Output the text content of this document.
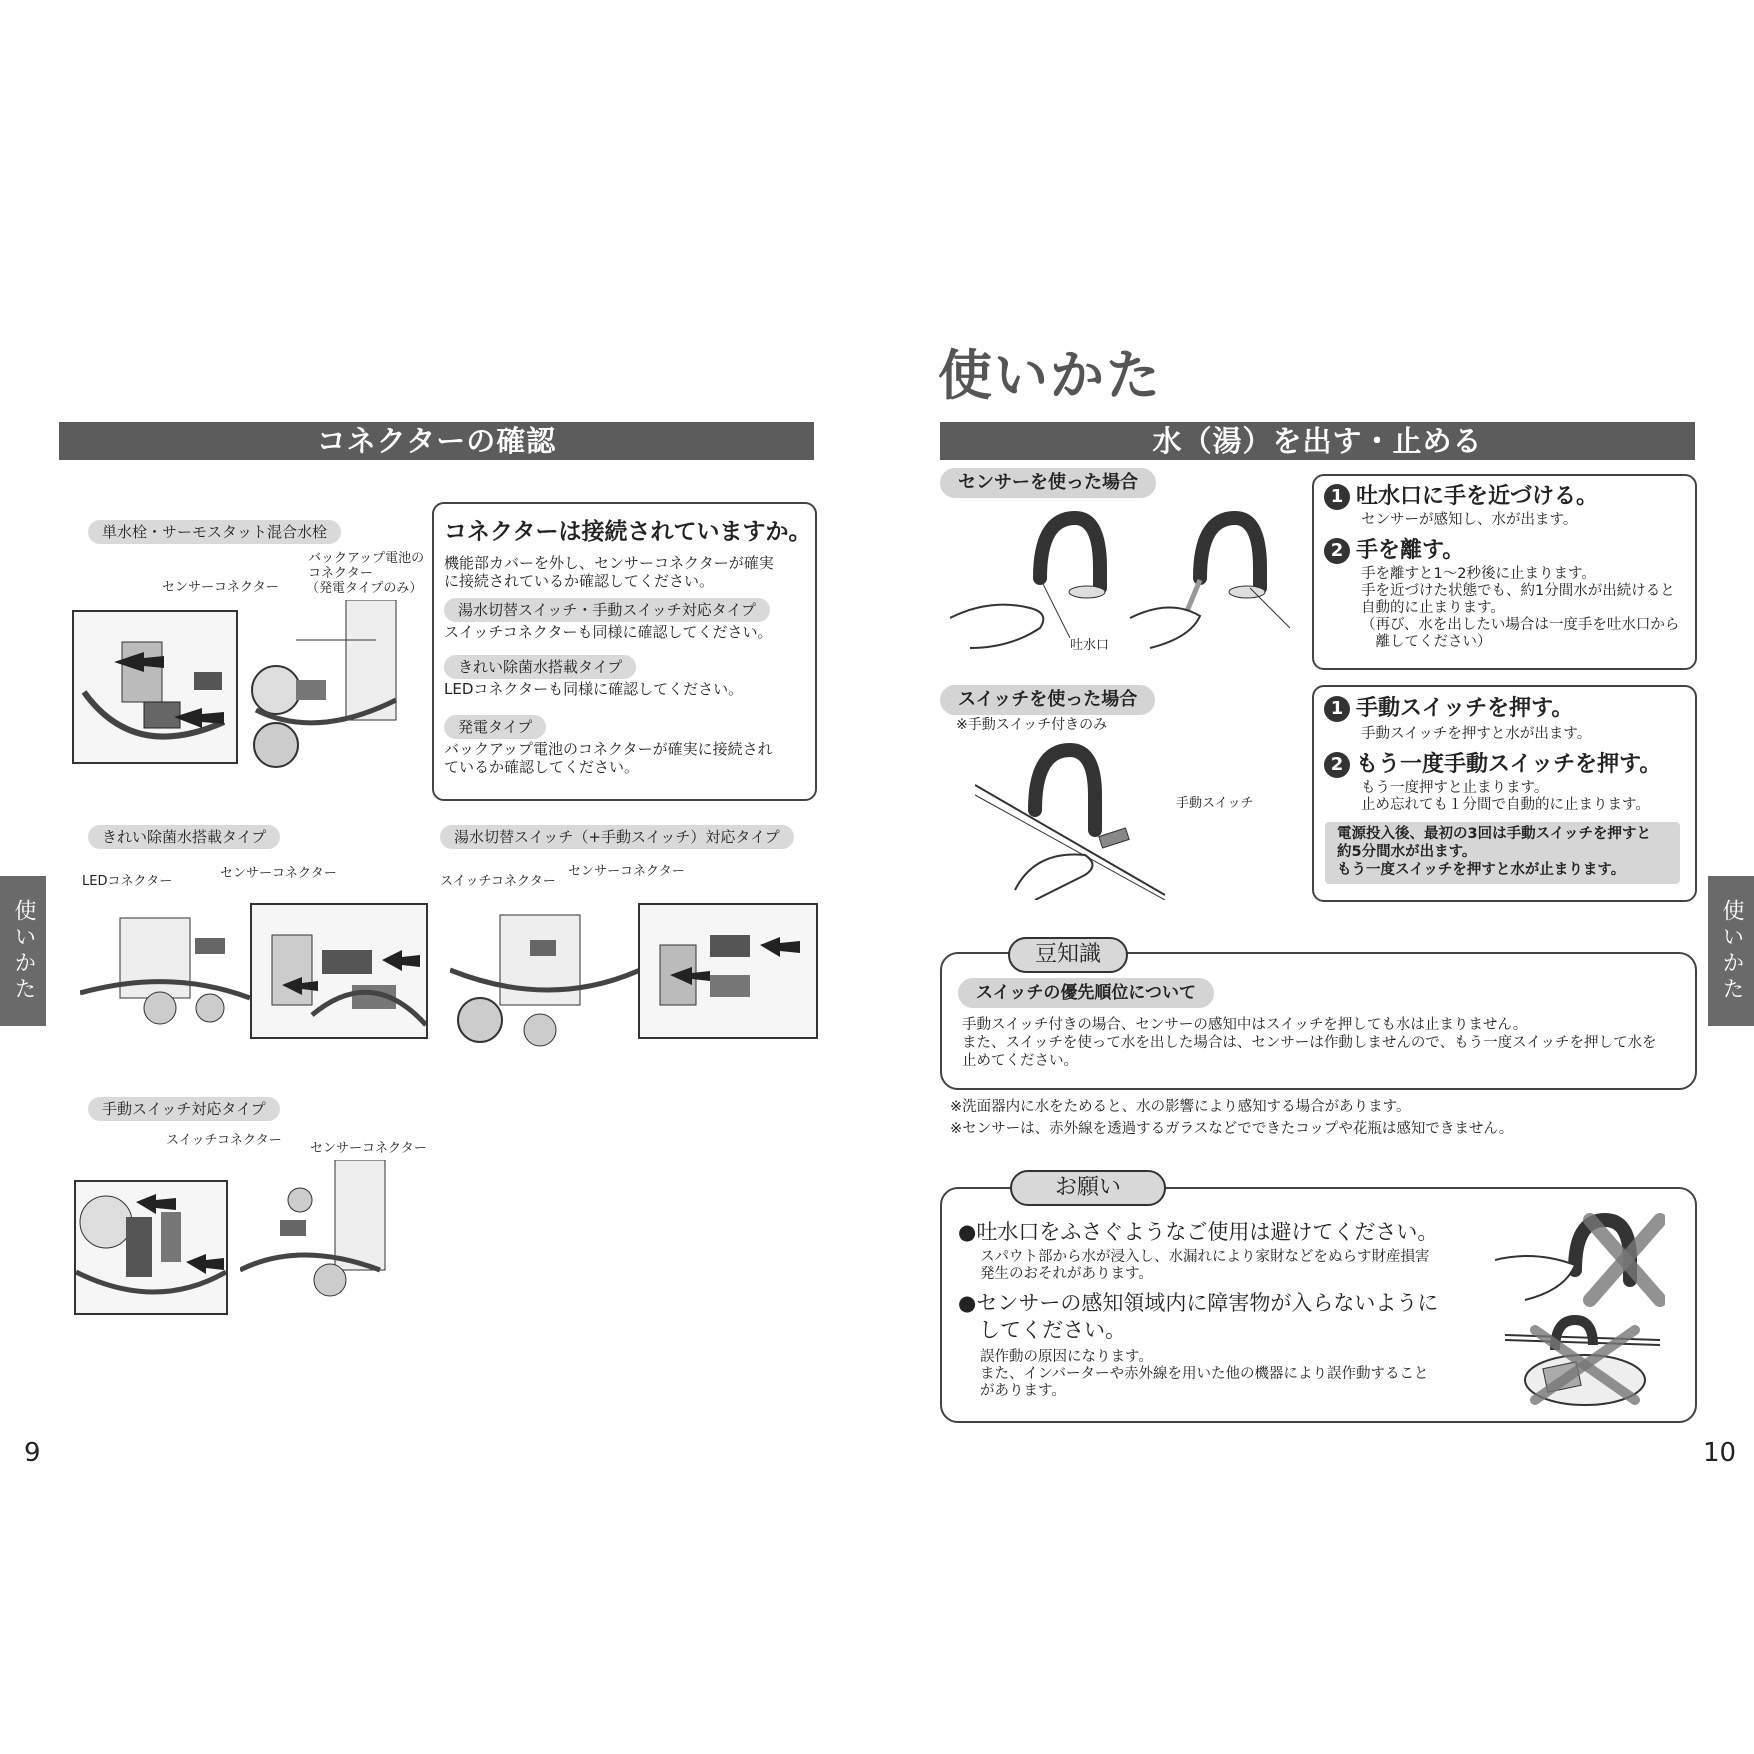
コネクターの確認
単水栓・サーモスタット混合水栓
バックアップ電池の
コネクター
（発電タイプのみ）
センサーコネクター
コネクターは接続されていますか。
機能部カバーを外し、センサーコネクターが確実
に接続されているか確認してください。
湯水切替スイッチ・手動スイッチ対応タイプ
スイッチコネクターも同様に確認してください。
きれい除菌水搭載タイプ
LEDコネクターも同様に確認してください。
発電タイプ
バックアップ電池のコネクターが確実に接続され
ているか確認してください。
きれい除菌水搭載タイプ
LEDコネクター
センサーコネクター
湯水切替スイッチ（+手動スイッチ）対応タイプ
スイッチコネクター
センサーコネクター
手動スイッチ対応タイプ
スイッチコネクター
センサーコネクター
9
使いかた
使いかた
水（湯）を出す・止める
センサーを使った場合
吐水口
1 吐水口に手を近づける。
センサーが感知し、水が出ます。
2 手を離す。
手を離すと1～2秒後に止まります。
手を近づけた状態でも、約1分間水が出続けると
自動的に止まります。
（再び、水を出したい場合は一度手を吐水口から
　離してください）
スイッチを使った場合
※手動スイッチ付きのみ
手動スイッチ
1 手動スイッチを押す。
手動スイッチを押すと水が出ます。
2 もう一度手動スイッチを押す。
もう一度押すと止まります。
止め忘れても１分間で自動的に止まります。
電源投入後、最初の3回は手動スイッチを押すと
約5分間水が出ます。
もう一度スイッチを押すと水が止まります。
豆知識
スイッチの優先順位について
手動スイッチ付きの場合、センサーの感知中はスイッチを押しても水は止まりません。
また、スイッチを使って水を出した場合は、センサーは作動しませんので、もう一度スイッチを押して水を
止めてください。
※洗面器内に水をためると、水の影響により感知する場合があります。
※センサーは、赤外線を透過するガラスなどでできたコップや花瓶は感知できません。
お願い
●吐水口をふさぐようなご使用は避けてください。
スパウト部から水が浸入し、水漏れにより家財などをぬらす財産損害
発生のおそれがあります。
●センサーの感知領域内に障害物が入らないように
　してください。
誤作動の原因になります。
また、インバーターや赤外線を用いた他の機器により誤作動すること
があります。
10
使いかた
